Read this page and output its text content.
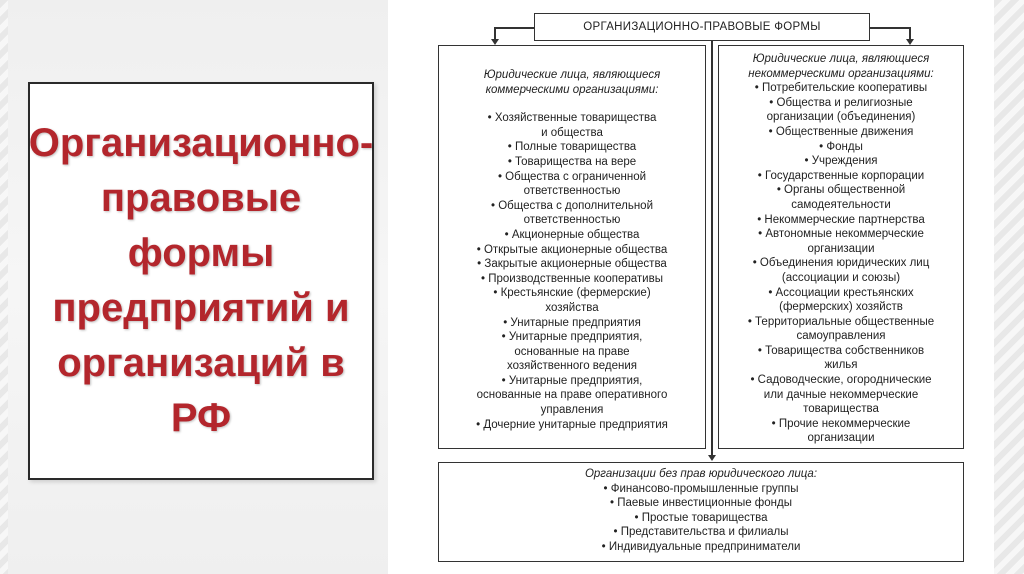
Организационно-
правовые
формы
предприятий и
организаций в
РФ
ОРГАНИЗАЦИОННО-ПРАВОВЫЕ ФОРМЫ
Юридические лица, являющиеся
коммерческими организациями:
• Хозяйственные товарищества
и общества
• Полные товарищества
• Товарищества на вере
• Общества с ограниченной
ответственностью
• Общества с дополнительной
ответственностью
• Акционерные общества
• Открытые акционерные общества
• Закрытые акционерные общества
• Производственные кооперативы
• Крестьянские (фермерские)
хозяйства
• Унитарные предприятия
• Унитарные предприятия,
основанные на праве
хозяйственного ведения
• Унитарные предприятия,
основанные на праве оперативного
управления
• Дочерние унитарные предприятия
Юридические лица, являющиеся
некоммерческими организациями:
• Потребительские кооперативы
• Общества и религиозные
организации (объединения)
• Общественные движения
• Фонды
• Учреждения
• Государственные корпорации
• Органы общественной
самодеятельности
• Некоммерческие партнерства
• Автономные некоммерческие
организации
• Объединения юридических лиц
(ассоциации и союзы)
• Ассоциации крестьянских
(фермерских) хозяйств
• Территориальные общественные
самоуправления
• Товарищества собственников
жилья
• Садоводческие, огороднические
или дачные некоммерческие
товарищества
• Прочие некоммерческие
организации
Организации без прав юридического лица:
• Финансово-промышленные группы
• Паевые инвестиционные фонды
• Простые товарищества
• Представительства и филиалы
• Индивидуальные предприниматели
